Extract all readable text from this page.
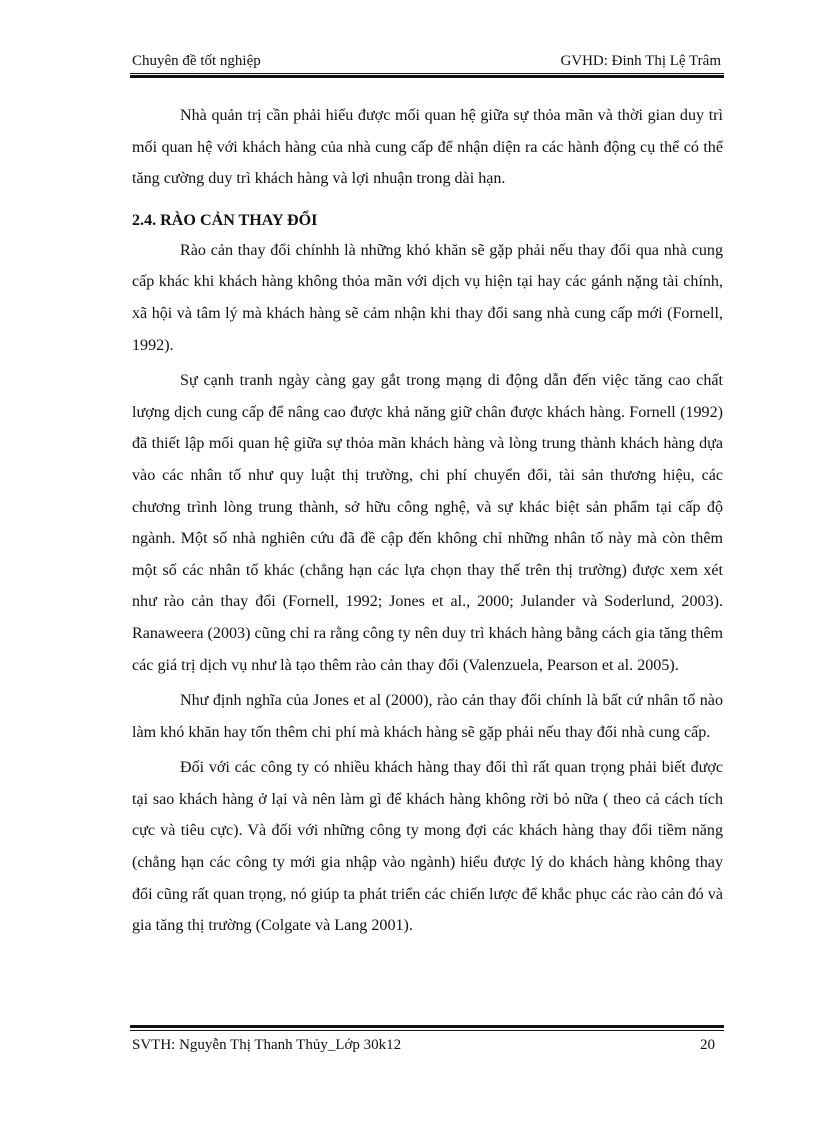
Chuyên đề tốt nghiệp	GVHD: Đinh Thị Lệ Trâm

Nhà quản trị cần phải hiểu được mối quan hệ giữa sự thỏa mãn và thời gian duy trì mối quan hệ với khách hàng của nhà cung cấp để nhận diện ra các hành động cụ thể có thể tăng cường duy trì khách hàng và lợi nhuận trong dài hạn.

2.4. RÀO CẢN THAY ĐỔI

Rào cản thay đổi chínhh là những khó khăn sẽ gặp phải nếu thay đổi qua nhà cung cấp khác khi khách hàng không thỏa mãn với dịch vụ hiện tại hay các gánh nặng tài chính, xã hội và tâm lý mà khách hàng sẽ cảm nhận khi thay đổi sang nhà cung cấp mới (Fornell, 1992).

Sự cạnh tranh ngày càng gay gắt trong mạng di động dẫn đến việc tăng cao chất lượng dịch cung cấp để nâng cao được khả năng giữ chân được khách hàng. Fornell (1992) đã thiết lập mối quan hệ giữa sự thỏa mãn khách hàng và lòng trung thành khách hàng dựa vào các nhân tố như quy luật thị trường, chi phí chuyển đổi, tài sản thương hiệu, các chương trình lòng trung thành, sở hữu công nghệ, và sự khác biệt sản phẩm tại cấp độ ngành. Một số nhà nghiên cứu đã đề cập đến không chỉ những nhân tố này mà còn thêm một số các nhân tố khác (chẳng hạn các lựa chọn thay thế trên thị trường) được xem xét như rào cản thay đổi (Fornell, 1992; Jones et al., 2000; Julander và Soderlund, 2003). Ranaweera (2003) cũng chỉ ra rằng công ty nên duy trì khách hàng bằng cách gia tăng thêm các giá trị dịch vụ như là tạo thêm rào cản thay đổi (Valenzuela, Pearson et al. 2005).

Như định nghĩa của Jones et al (2000), rào cản thay đổi chính là bất cứ nhân tố nào làm khó khăn hay tốn thêm chi phí mà khách hàng sẽ gặp phải nếu thay đổi nhà cung cấp.

Đối với các công ty có nhiều khách hàng thay đổi thì rất quan trọng phải biết được tại sao khách hàng ở lại và nên làm gì để khách hàng không rời bỏ nữa ( theo cả cách tích cực và tiêu cực). Và đối với những công ty mong đợi các khách hàng thay đổi tiềm năng (chẳng hạn các công ty mới gia nhập vào ngành) hiểu được lý do khách hàng không thay đổi cũng rất quan trọng, nó giúp ta phát triển các chiến lược để khắc phục các rào cản đó và gia tăng thị trường (Colgate và Lang 2001).

SVTH: Nguyễn Thị Thanh Thủy_Lớp 30k12	20
